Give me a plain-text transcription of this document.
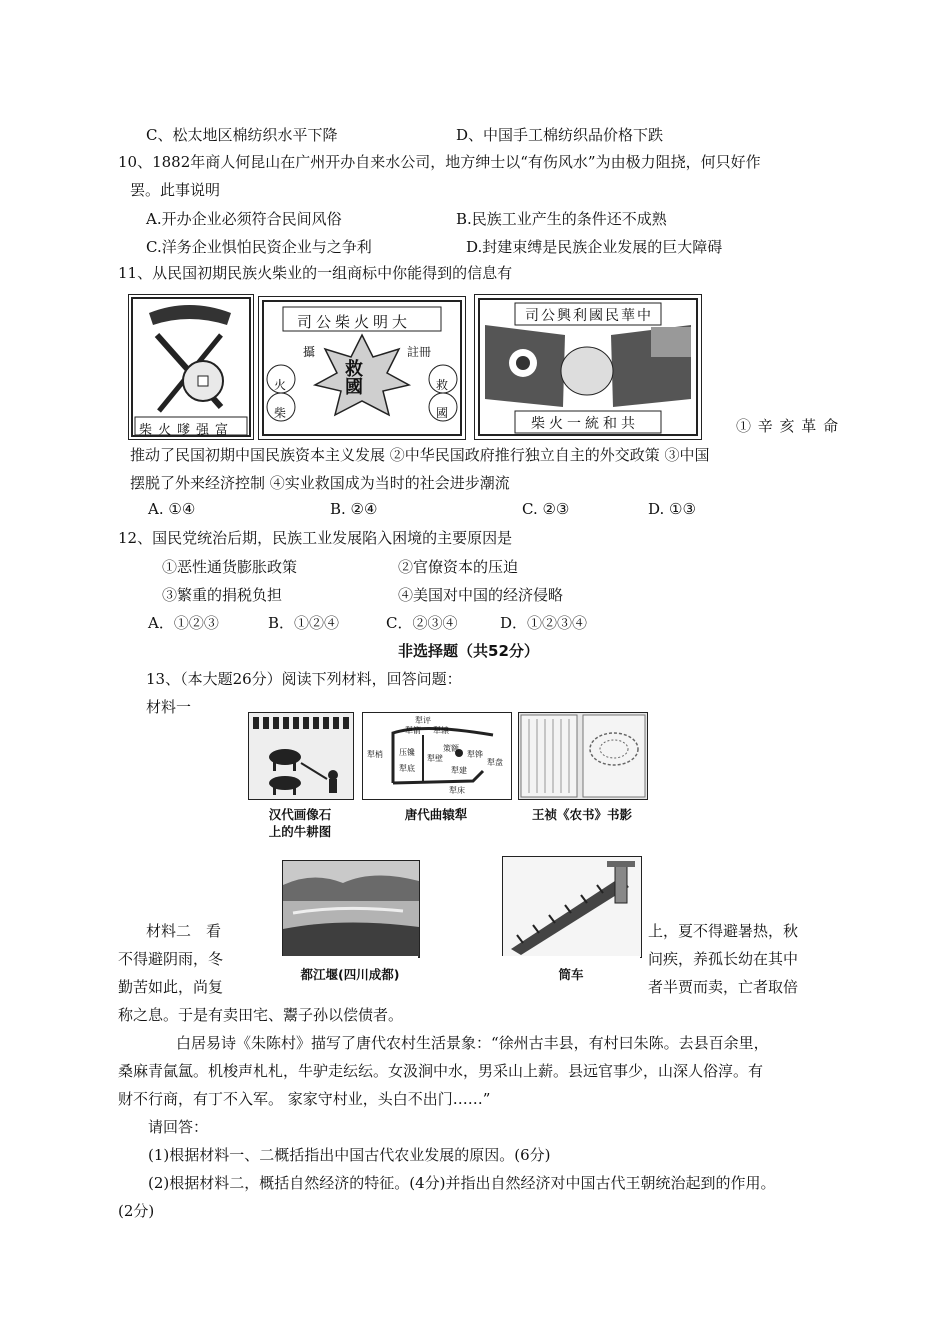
C、松太地区棉纺织水平下降	D、中国手工棉纺织品价格下跌
10、1882年商人何昆山在广州开办自来水公司，地方绅士以“有伤风水”为由极力阻挠，何只好作
罢。此事说明
A.开办企业必须符合民间风俗	B.民族工业产生的条件还不成熟
C.洋务企业惧怕民资企业与之争利	D.封建束缚是民族企业发展的巨大障碍
11、从民国初期民族火柴业的一组商标中你能得到的信息有
柴火嗲强富
司公柴火明大
攝	註 冊
救國
火柴
救國
司公興利國民華中
柴火一統和共	① 辛 亥 革 命
推动了民国初期中国民族资本主义发展 ②中华民国政府推行独立自主的外交政策 ③中国
摆脱了外来经济控制 ④实业救国成为当时的社会进步潮流
A. ①④	B. ②④	C. ②③	D. ①③
12、国民党统治后期，民族工业发展陷入困境的主要原因是
①恶性通货膨胀政策	②官僚资本的压迫
③繁重的捐税负担	④美国对中国的经济侵略
A．①②③	B．①②④	C．②③④	D．①②③④
非选择题（共52分）
13、（本大题26分）阅读下列材料，回答问题：
材料一
汉代画像石
上的牛耕图
犁评
犁箭 犁辕
犁梢 压镵
犁底
犁壁
策额
犁建
犁盘
犁铧
犁床
唐代曲辕犁	王祯《农书》书影
材料二　看	上，夏不得避暑热，秋
不得避阴雨，冬	问疾，养孤长幼在其中
勤苦如此，尚复	者半贾而卖，亡者取倍
都江堰(四川成都)	筒车
称之息。于是有卖田宅、鬻子孙以偿债者。
白居易诗《朱陈村》描写了唐代农村生活景象：“徐州古丰县，有村曰朱陈。去县百余里，
桑麻青氤氲。机梭声札札，牛驴走纭纭。女汲涧中水，男采山上薪。县远官事少，山深人俗淳。有
财不行商，有丁不入军。 家家守村业，头白不出门……”
请回答：
(1)根据材料一、二概括指出中国古代农业发展的原因。(6分)
(2)根据材料二，概括自然经济的特征。(4分)并指出自然经济对中国古代王朝统治起到的作用。
(2分)
